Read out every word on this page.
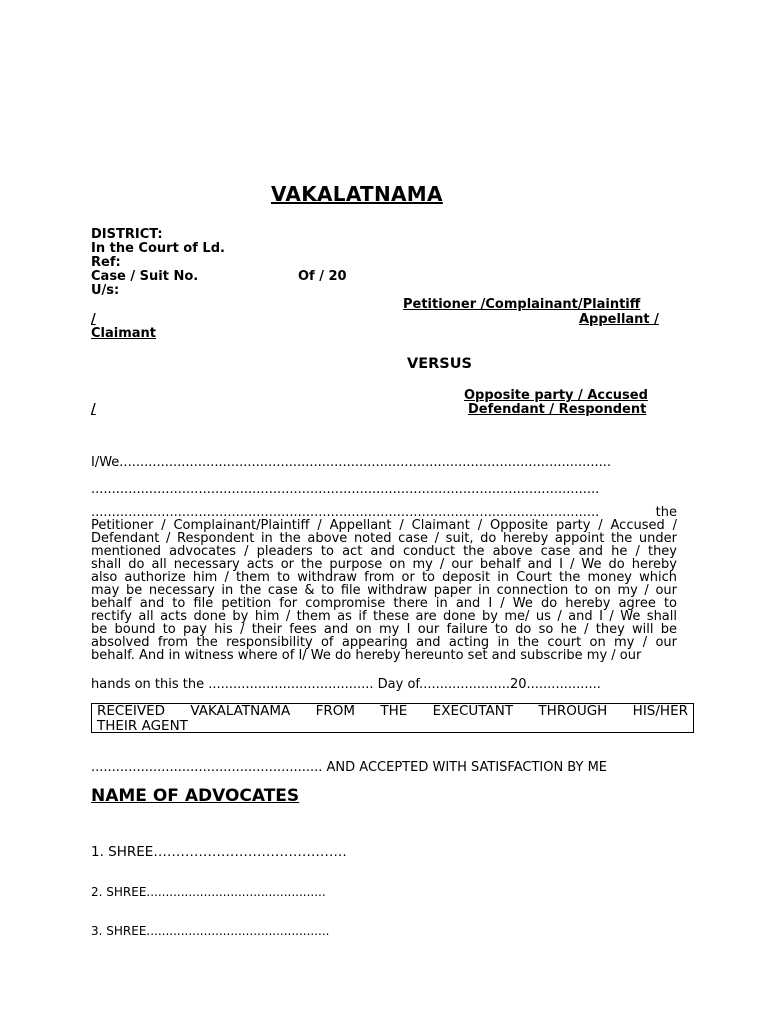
VAKALATNAMA
DISTRICT:
In the Court of Ld.
Ref:
Case / Suit No.	Of / 20
U/s:
Petitioner /Complainant/Plaintiff
/	Appellant /
Claimant
VERSUS
Opposite party / Accused
/	Defendant / Respondent
I/We.......................................................................................................................
...........................................................................................................................
........................................................................................................................... the
Petitioner / Complainant/Plaintiff / Appellant / Claimant / Opposite party / Accused /
Defendant / Respondent in the above noted case / suit, do hereby appoint the under
mentioned advocates / pleaders to act and conduct the above case and he / they
shall do all necessary acts or the purpose on my / our behalf and I / We do hereby
also authorize him / them to withdraw from or to deposit in Court the money which
may be necessary in the case & to file withdraw paper in connection to on my / our
behalf and to file petition for compromise there in and I / We do hereby agree to
rectify all acts done by him / them as if these are done by me/ us / and I / We shall
be bound to pay his / their fees and on my I our failure to do so he / they will be
absolved from the responsibility of appearing and acting in the court on my / our
behalf. And in witness where of I/ We do hereby hereunto set and subscribe my / our
hands on this the ........................................ Day of......................20..................
RECEIVED VAKALATNAMA FROM THE EXECUTANT THROUGH HIS/HER
THEIR AGENT
........................................................ AND ACCEPTED WITH SATISFACTION BY ME
NAME OF ADVOCATES
1. SHREE…………………………………….
2. SHREE...............................................
3. SHREE................................................
